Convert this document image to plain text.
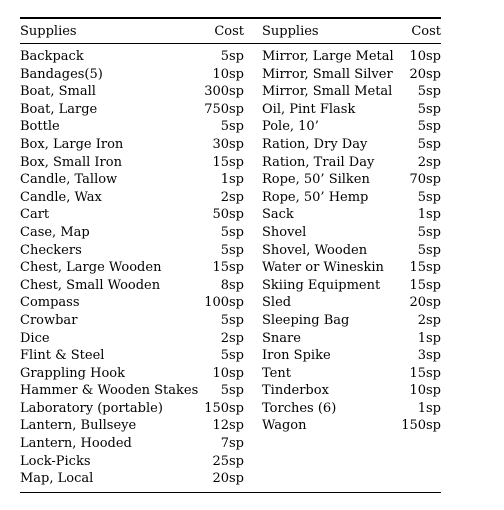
Supplies	Cost Supplies	Cost
Backpack	5sp
Bandages(5)	10sp
Boat, Small	300sp
Boat, Large	750sp
Bottle	5sp
Box, Large Iron	30sp
Box, Small Iron	15sp
Candle, Tallow	1sp
Candle, Wax	2sp
Cart	50sp
Case, Map	5sp
Checkers	5sp
Chest, Large Wooden	15sp
Chest, Small Wooden	8sp
Compass	100sp
Crowbar	5sp
Dice	2sp
Flint & Steel	5sp
Grappling Hook	10sp
Hammer & Wooden Stakes 5sp
Laboratory (portable)	150sp
Lantern, Bullseye	12sp
Lantern, Hooded	7sp
Lock-Picks	25sp
Map, Local	20sp
Mirror, Large Metal 10sp
Mirror, Small Silver 20sp
Mirror, Small Metal 5sp
Oil, Pint Flask	5sp
Pole, 10’	5sp
Ration, Dry Day	5sp
Ration, Trail Day	2sp
Rope, 50’ Silken	70sp
Rope, 50’ Hemp	5sp
Sack	1sp
Shovel	5sp
Shovel, Wooden	5sp
Water or Wineskin 15sp
Skiing Equipment 15sp
Sled	20sp
Sleeping Bag	2sp
Snare	1sp
Iron Spike	3sp
Tent	15sp
Tinderbox	10sp
Torches (6)	1sp
Wagon	150sp
